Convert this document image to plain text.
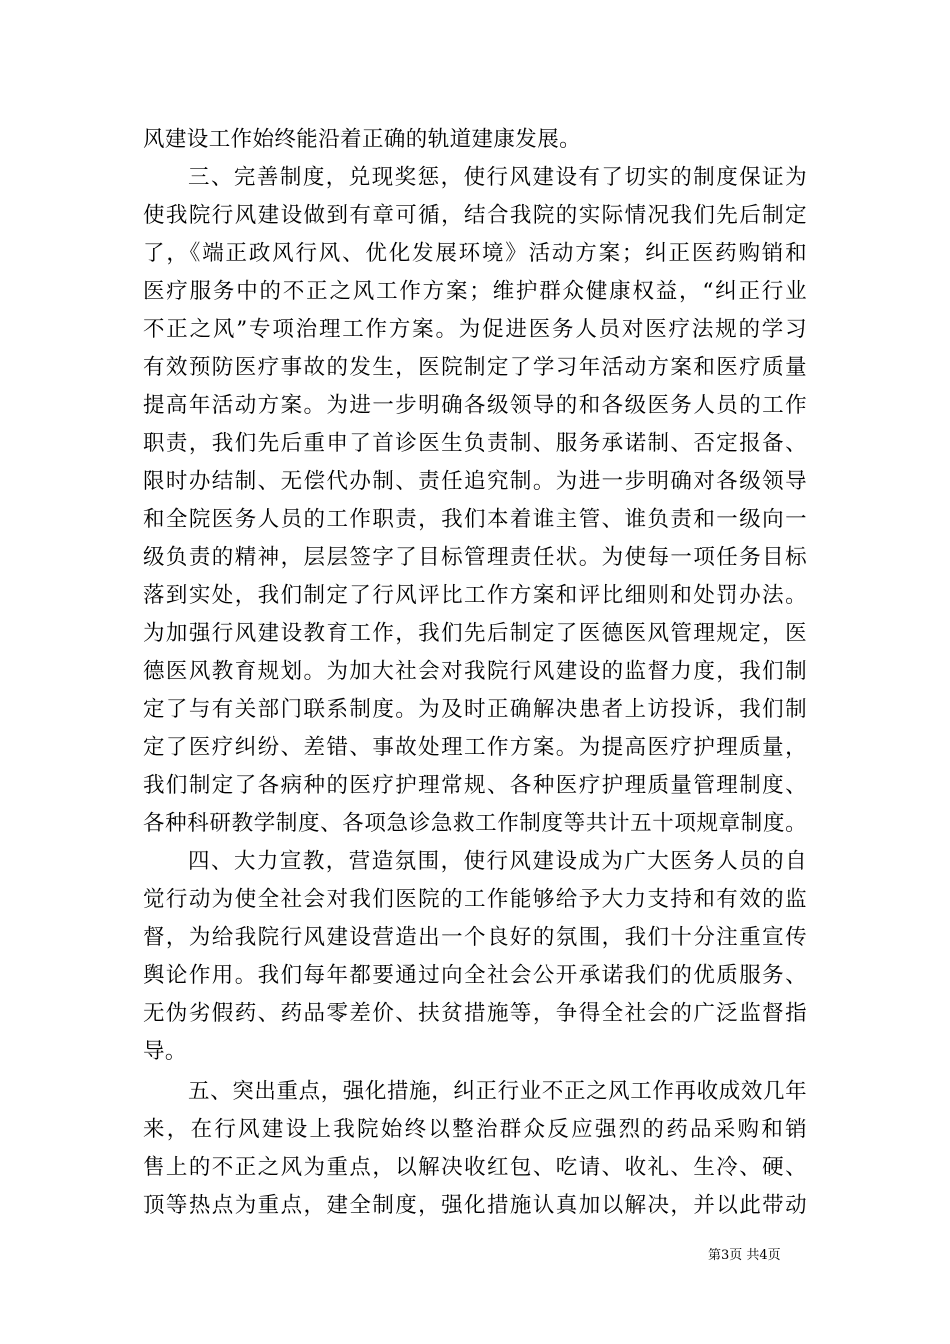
风建设工作始终能沿着正确的轨道建康发展。
三、完善制度，兑现奖惩，使行风建设有了切实的制度保证为
使我院行风建设做到有章可循，结合我院的实际情况我们先后制定
了，《端正政风行风、优化发展环境》活动方案；纠正医药购销和
医疗服务中的不正之风工作方案；维护群众健康权益，“纠正行业
不正之风”专项治理工作方案。为促进医务人员对医疗法规的学习
有效预防医疗事故的发生，医院制定了学习年活动方案和医疗质量
提高年活动方案。为进一步明确各级领导的和各级医务人员的工作
职责，我们先后重申了首诊医生负责制、服务承诺制、否定报备、
限时办结制、无偿代办制、责任追究制。为进一步明确对各级领导
和全院医务人员的工作职责，我们本着谁主管、谁负责和一级向一
级负责的精神，层层签字了目标管理责任状。为使每一项任务目标
落到实处，我们制定了行风评比工作方案和评比细则和处罚办法。
为加强行风建设教育工作，我们先后制定了医德医风管理规定，医
德医风教育规划。为加大社会对我院行风建设的监督力度，我们制
定了与有关部门联系制度。为及时正确解决患者上访投诉，我们制
定了医疗纠纷、差错、事故处理工作方案。为提高医疗护理质量，
我们制定了各病种的医疗护理常规、各种医疗护理质量管理制度、
各种科研教学制度、各项急诊急救工作制度等共计五十项规章制度。
四、大力宣教，营造氛围，使行风建设成为广大医务人员的自
觉行动为使全社会对我们医院的工作能够给予大力支持和有效的监
督，为给我院行风建设营造出一个良好的氛围，我们十分注重宣传
舆论作用。我们每年都要通过向全社会公开承诺我们的优质服务、
无伪劣假药、药品零差价、扶贫措施等，争得全社会的广泛监督指
导。
五、突出重点，强化措施，纠正行业不正之风工作再收成效几年
来，在行风建设上我院始终以整治群众反应强烈的药品采购和销
售上的不正之风为重点，以解决收红包、吃请、收礼、生冷、硬、
顶等热点为重点，建全制度，强化措施认真加以解决，并以此带动
第3页 共4页
